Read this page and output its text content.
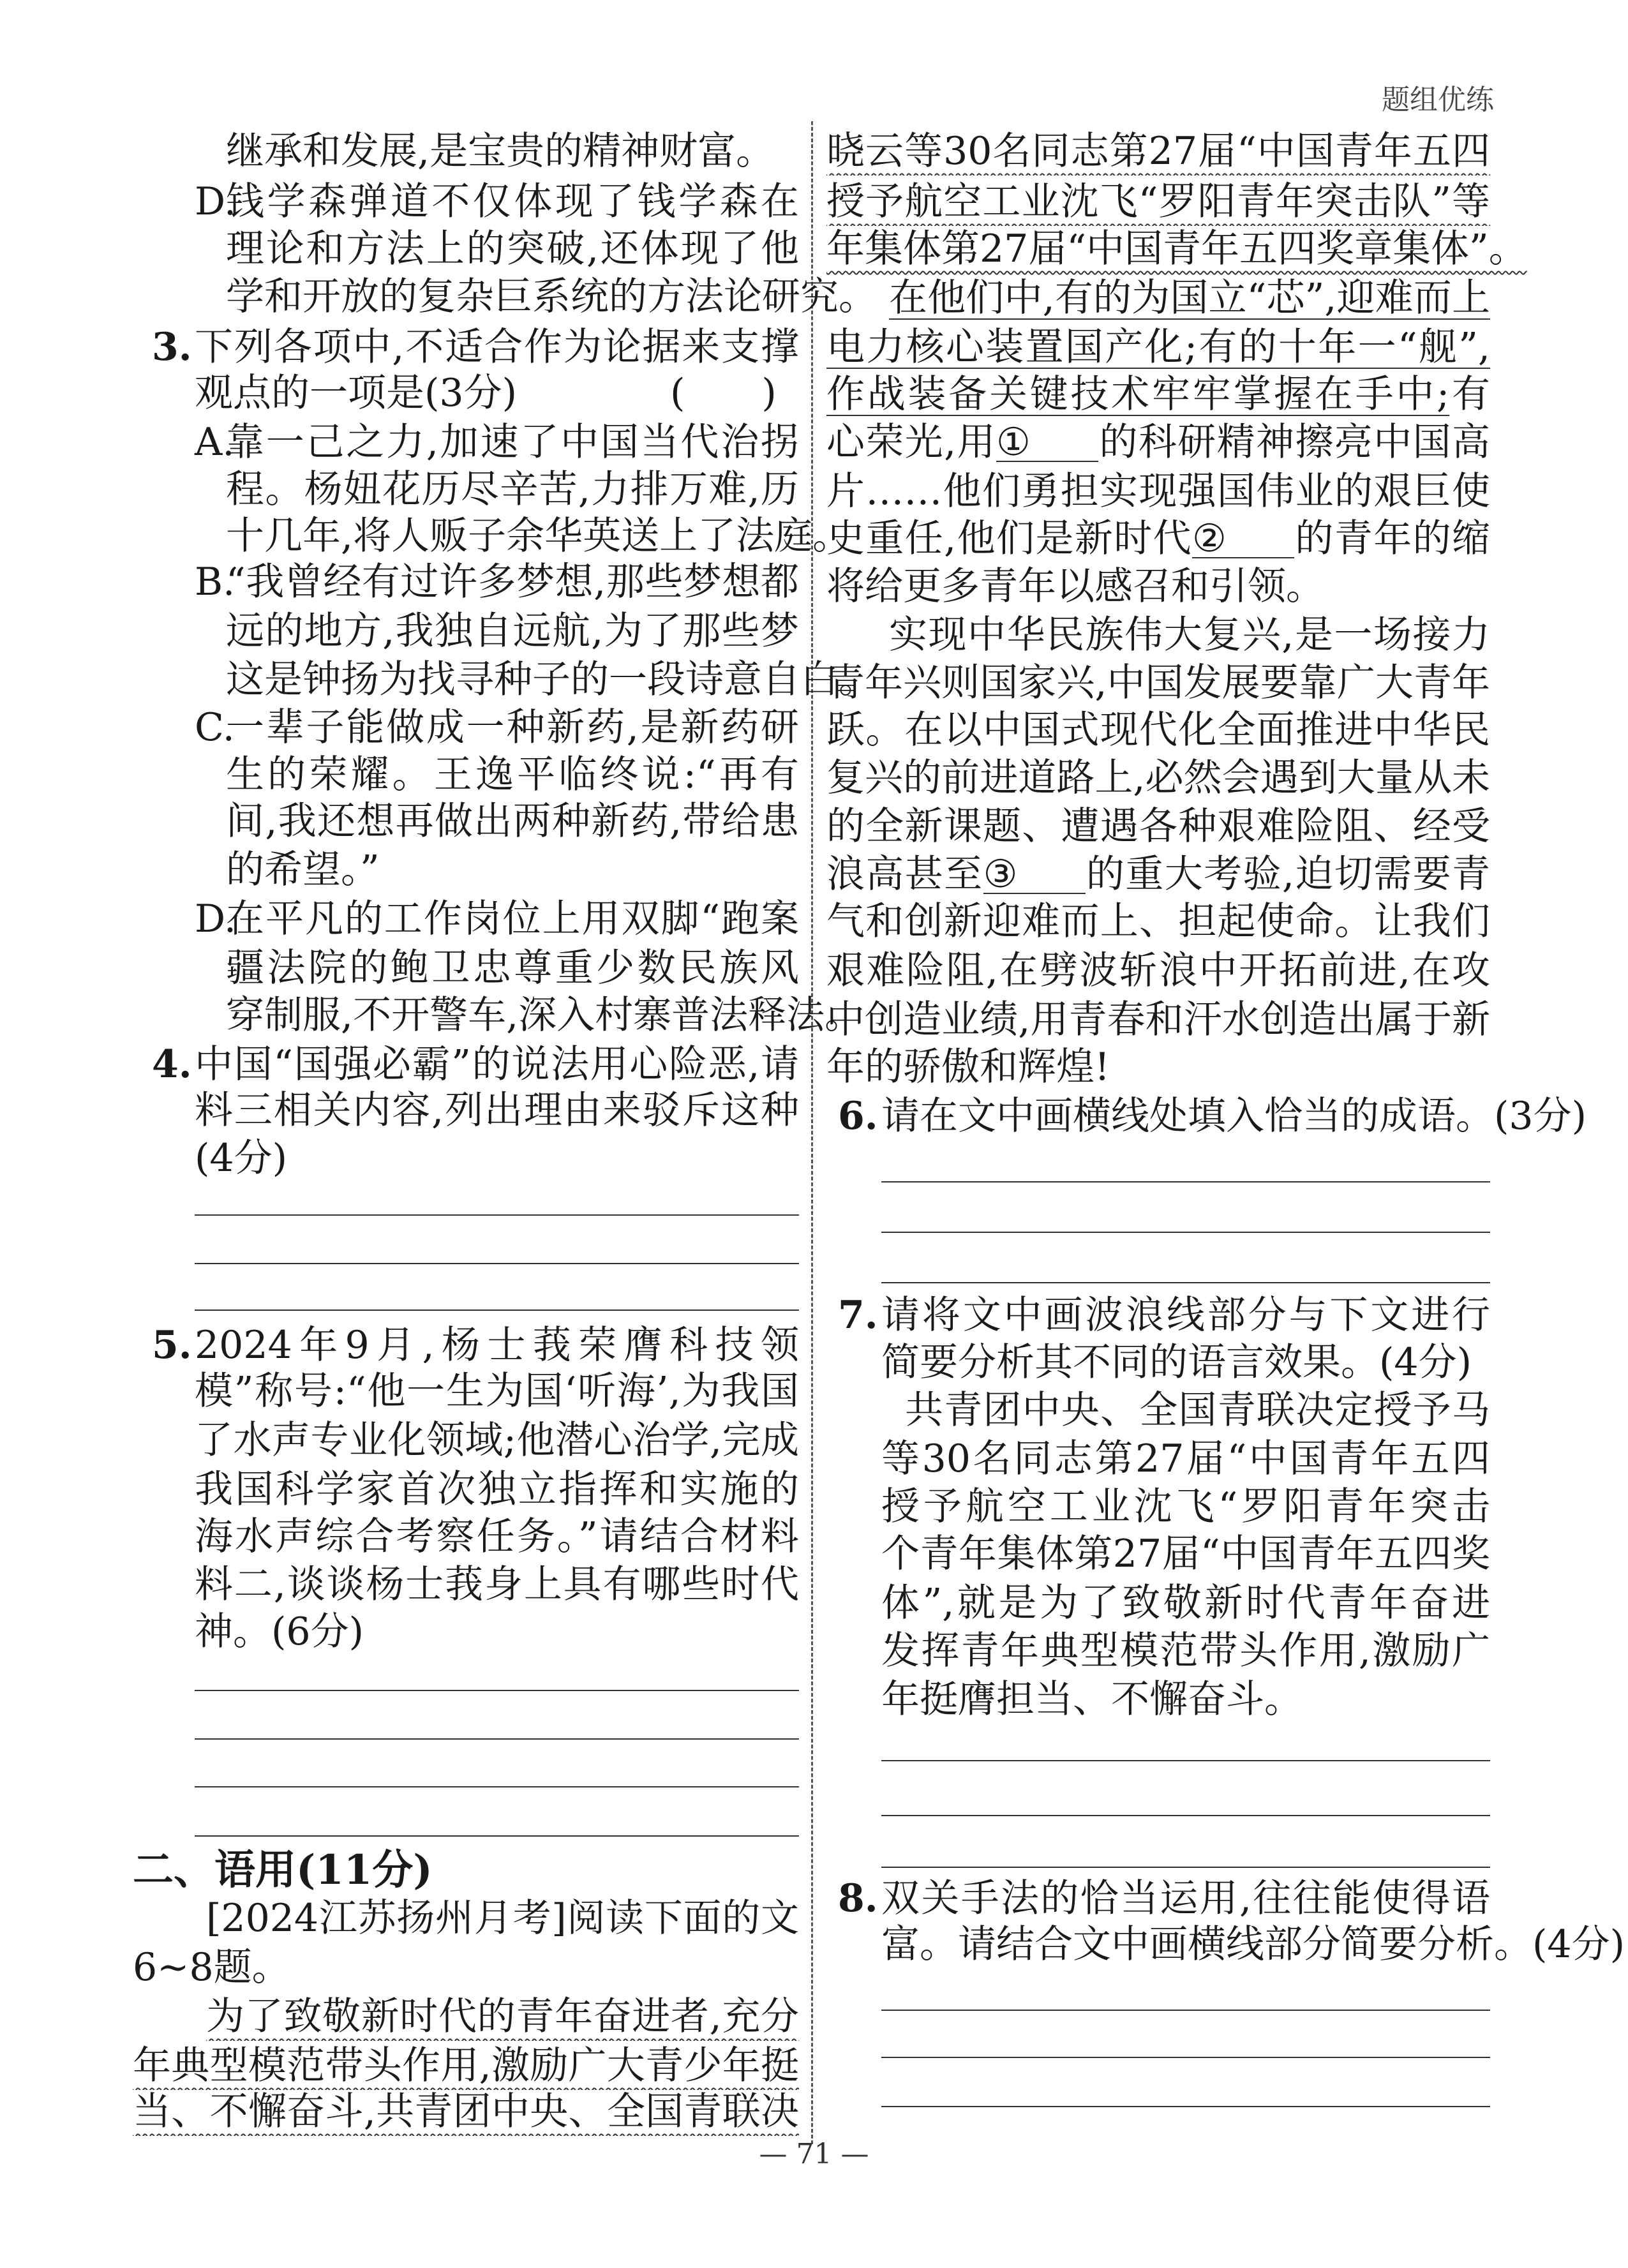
题组优练
继承和发展,是宝贵的精神财富。
D.
钱学森弹道不仅体现了钱学森在
理论和方法上的突破,还体现了他
学和开放的复杂巨系统的方法论研究。
3. 下列各项中,不适合作为论据来支撑
观点的一项是(3分)	(　　)
A.
靠一己之力,加速了中国当代治拐
程。杨妞花历尽辛苦,力排万难,历
十几年,将人贩子余华英送上了法庭。
B.
“我曾经有过许多梦想,那些梦想都
远的地方,我独自远航,为了那些梦
这是钟扬为找寻种子的一段诗意自白。
C.
一辈子能做成一种新药,是新药研
生的荣耀。王逸平临终说:“再有
间,我还想再做出两种新药,带给患
的希望。”
D.
在平凡的工作岗位上用双脚“跑案
疆法院的鲍卫忠尊重少数民族风
穿制服,不开警车,深入村寨普法释法。
4. 中国“国强必霸”的说法用心险恶,请
料三相关内容,列出理由来驳斥这种
(4分)
5. 2024年9月,杨士莪荣膺科技领
模”称号:“他一生为国‘听海’,为我国
了水声专业化领域;他潜心治学,完成
我国科学家首次独立指挥和实施的
海水声综合考察任务。”请结合材料
料二,谈谈杨士莪身上具有哪些时代
神。(6分)
二、语用(11分)
[2024江苏扬州月考]阅读下面的文
6~8题。
为了致敬新时代的青年奋进者,充分
年典型模范带头作用,激励广大青少年挺
当、不懈奋斗,共青团中央、全国青联决
晓云等30名同志第27届“中国青年五四
授予航空工业沈飞“罗阳青年突击队”等
年集体第27届“中国青年五四奖章集体”。
在他们中,有的为国立“芯”,迎难而上
电力核心装置国产化;有的十年一“舰”,
作战装备关键技术牢牢掌握在手中;有
心荣光,用① 的科研精神擦亮中国高
片……他们勇担实现强国伟业的艰巨使
史重任,他们是新时代② 的青年的缩
将给更多青年以感召和引领。
实现中华民族伟大复兴,是一场接力
青年兴则国家兴,中国发展要靠广大青年
跃。在以中国式现代化全面推进中华民
复兴的前进道路上,必然会遇到大量从未
的全新课题、遭遇各种艰难险阻、经受
浪高甚至③ 的重大考验,迫切需要青
气和创新迎难而上、担起使命。让我们
艰难险阻,在劈波斩浪中开拓前进,在攻
中创造业绩,用青春和汗水创造出属于新
年的骄傲和辉煌!
6. 请在文中画横线处填入恰当的成语。(3分)
7. 请将文中画波浪线部分与下文进行
简要分析其不同的语言效果。(4分)
共青团中央、全国青联决定授予马
等30名同志第27届“中国青年五四
授予航空工业沈飞“罗阳青年突击
个青年集体第27届“中国青年五四奖
体”,就是为了致敬新时代青年奋进
发挥青年典型模范带头作用,激励广
年挺膺担当、不懈奋斗。
8. 双关手法的恰当运用,往往能使得语
富。请结合文中画横线部分简要分析。(4分)
— 71 —
